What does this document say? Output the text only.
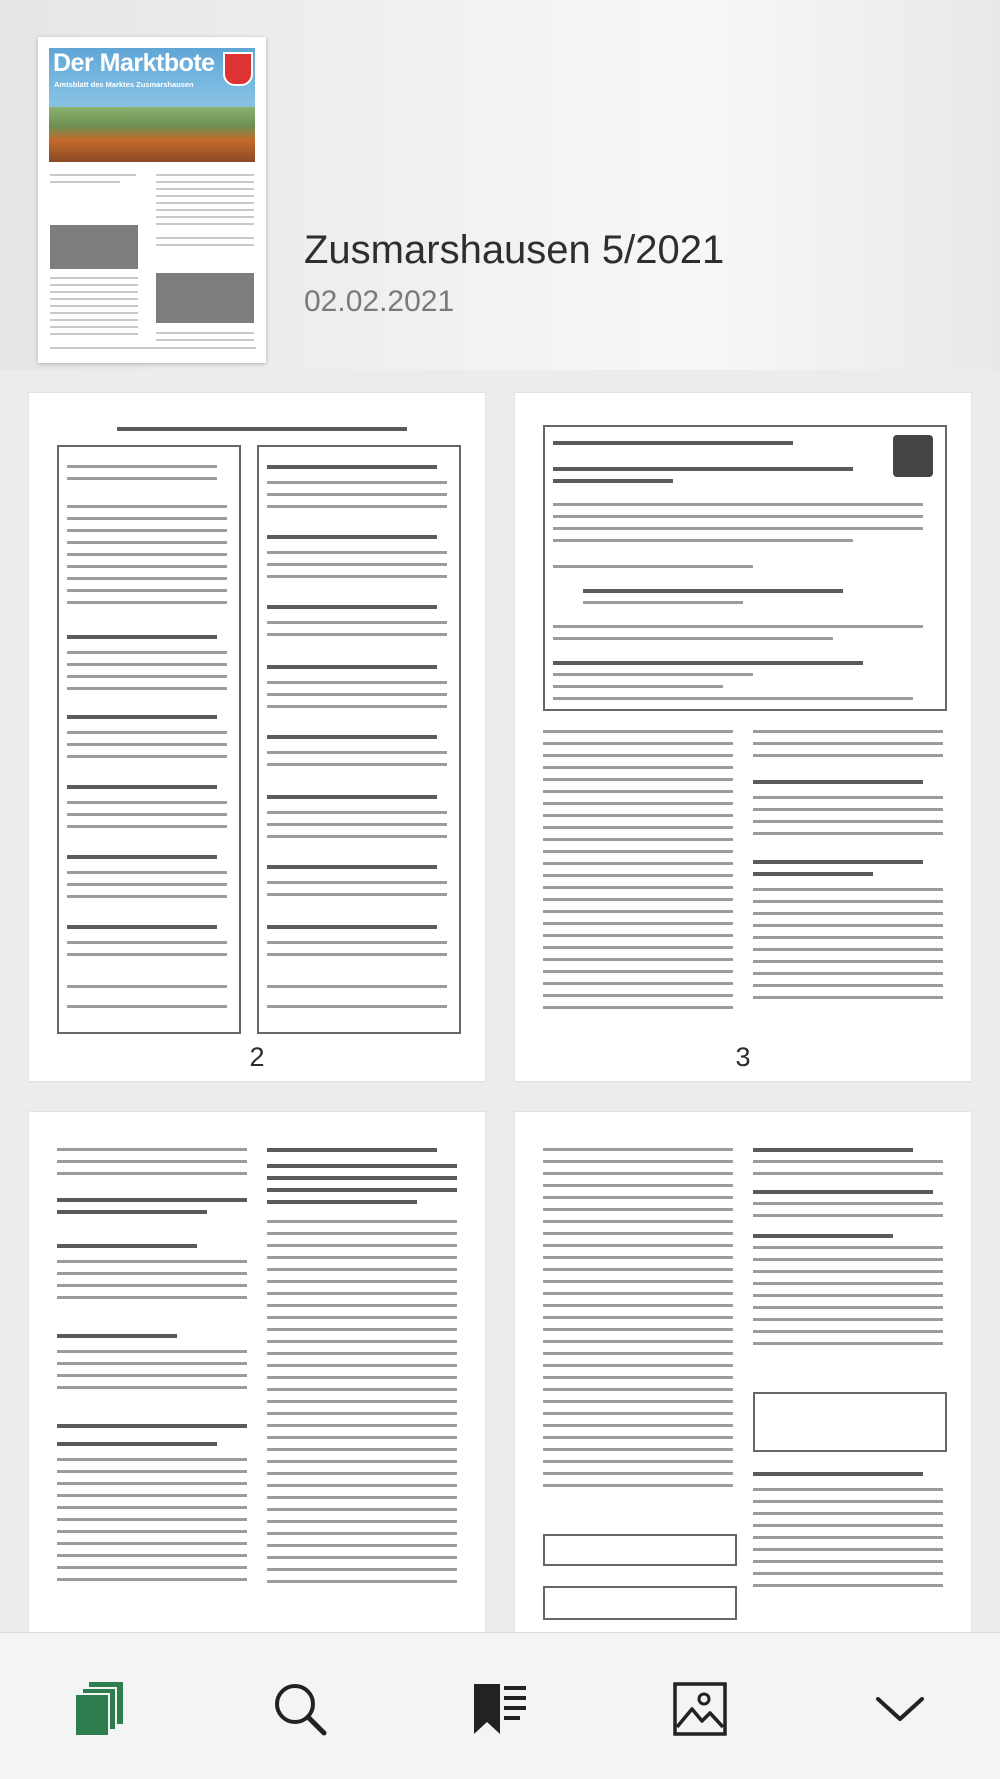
Der Marktbote
Amtsblatt des Marktes Zusmarshausen
Zusmarshausen 5/2021
02.02.2021
2	3
